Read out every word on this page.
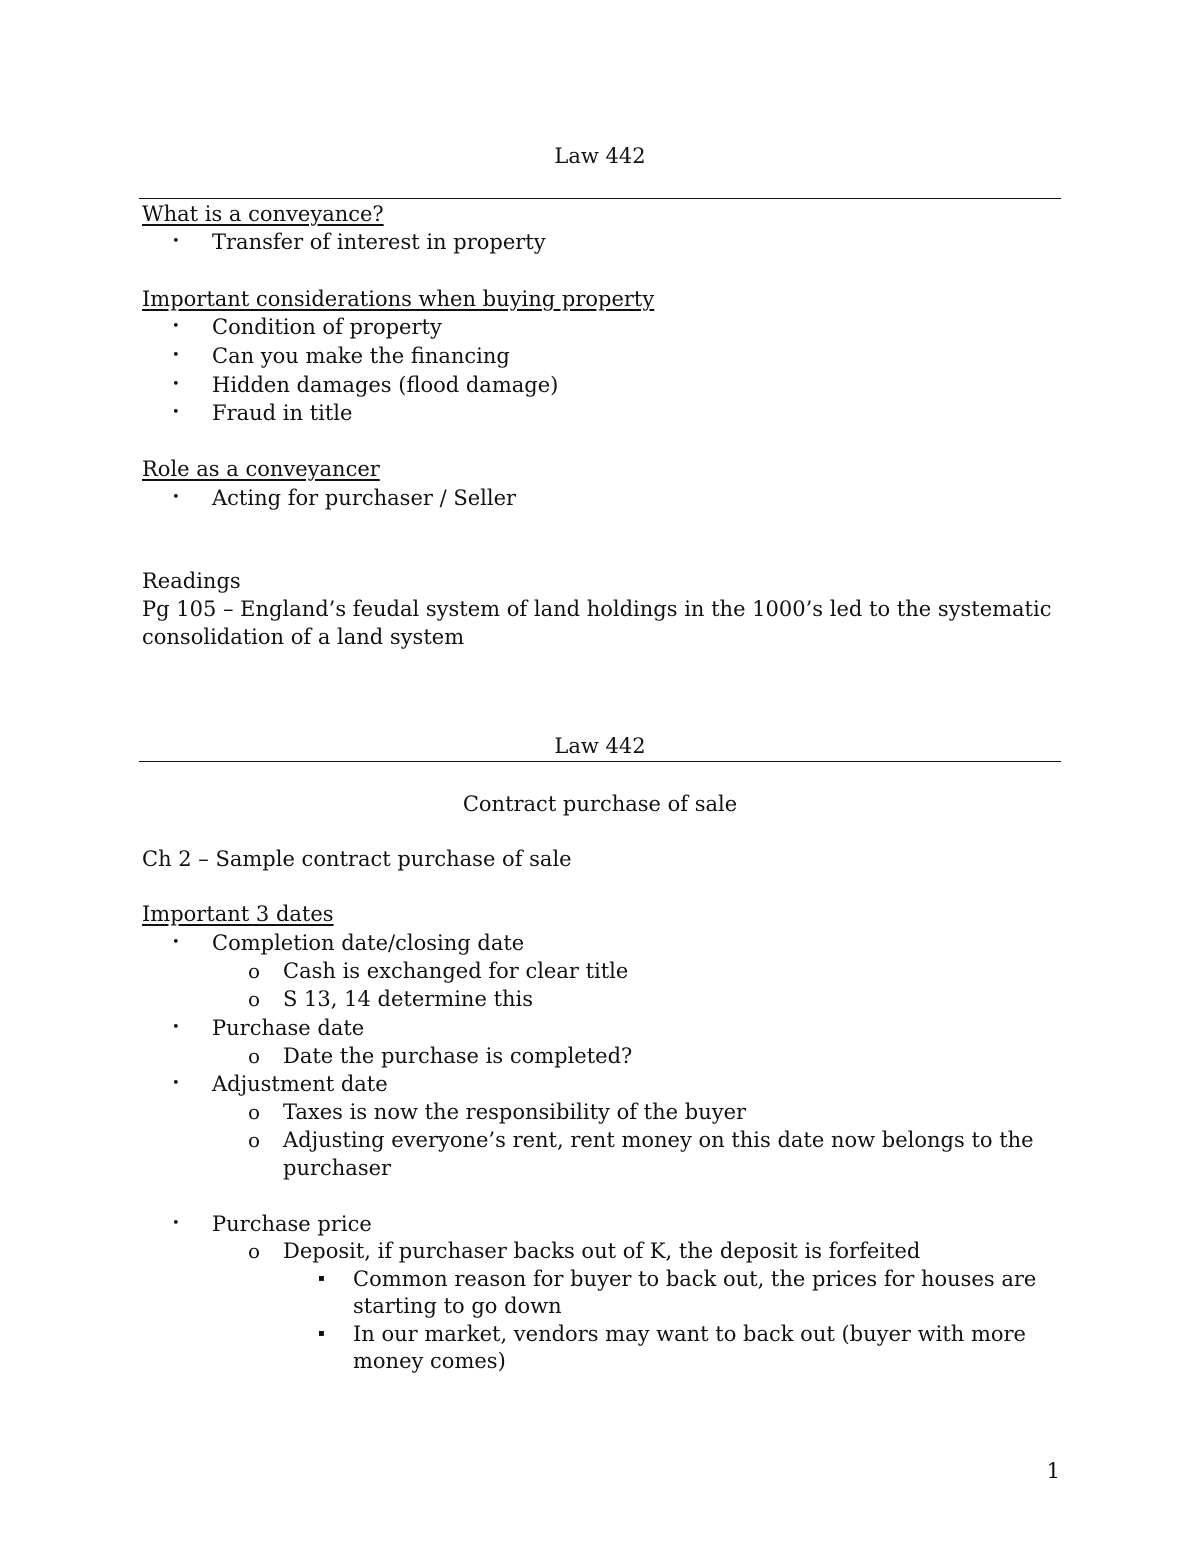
Law 442
What is a conveyance?
• Transfer of interest in property
Important considerations when buying property
• Condition of property
• Can you make the financing
• Hidden damages (flood damage)
• Fraud in title
Role as a conveyancer
• Acting for purchaser / Seller
Readings
Pg 105 – England’s feudal system of land holdings in the 1000’s led to the systematic
consolidation of a land system
Law 442
Contract purchase of sale
Ch 2 – Sample contract purchase of sale
Important 3 dates
• Completion date/closing date
o Cash is exchanged for clear title
o S 13, 14 determine this
• Purchase date
o Date the purchase is completed?
• Adjustment date
o Taxes is now the responsibility of the buyer
o Adjusting everyone’s rent, rent money on this date now belongs to the
purchaser
• Purchase price
o Deposit, if purchaser backs out of K, the deposit is forfeited
▪ Common reason for buyer to back out, the prices for houses are
starting to go down
▪ In our market, vendors may want to back out (buyer with more
money comes)
1
